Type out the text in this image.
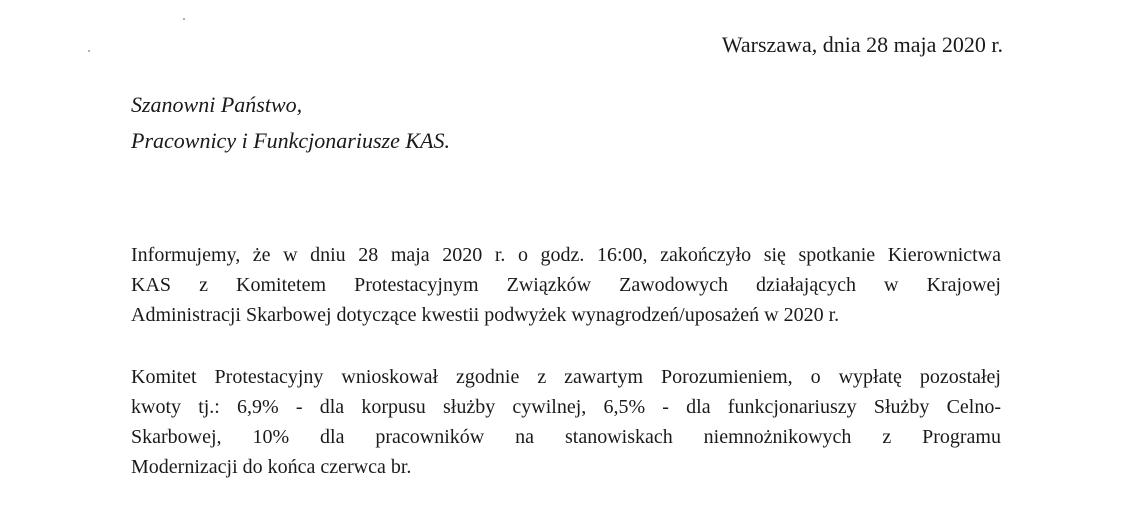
Warszawa, dnia 28 maja 2020 r.
Szanowni Państwo,
Pracownicy i Funkcjonariusze KAS.
Informujemy, że w dniu 28 maja 2020 r. o godz. 16:00, zakończyło się spotkanie Kierownictwa
KAS z Komitetem Protestacyjnym Związków Zawodowych działających w Krajowej
Administracji Skarbowej dotyczące kwestii podwyżek wynagrodzeń/uposażeń w 2020 r.
Komitet Protestacyjny wnioskował zgodnie z zawartym Porozumieniem, o wypłatę pozostałej
kwoty tj.: 6,9% - dla korpusu służby cywilnej, 6,5% - dla funkcjonariuszy Służby Celno-
Skarbowej, 10% dla pracowników na stanowiskach niemnożnikowych z Programu
Modernizacji do końca czerwca br.
